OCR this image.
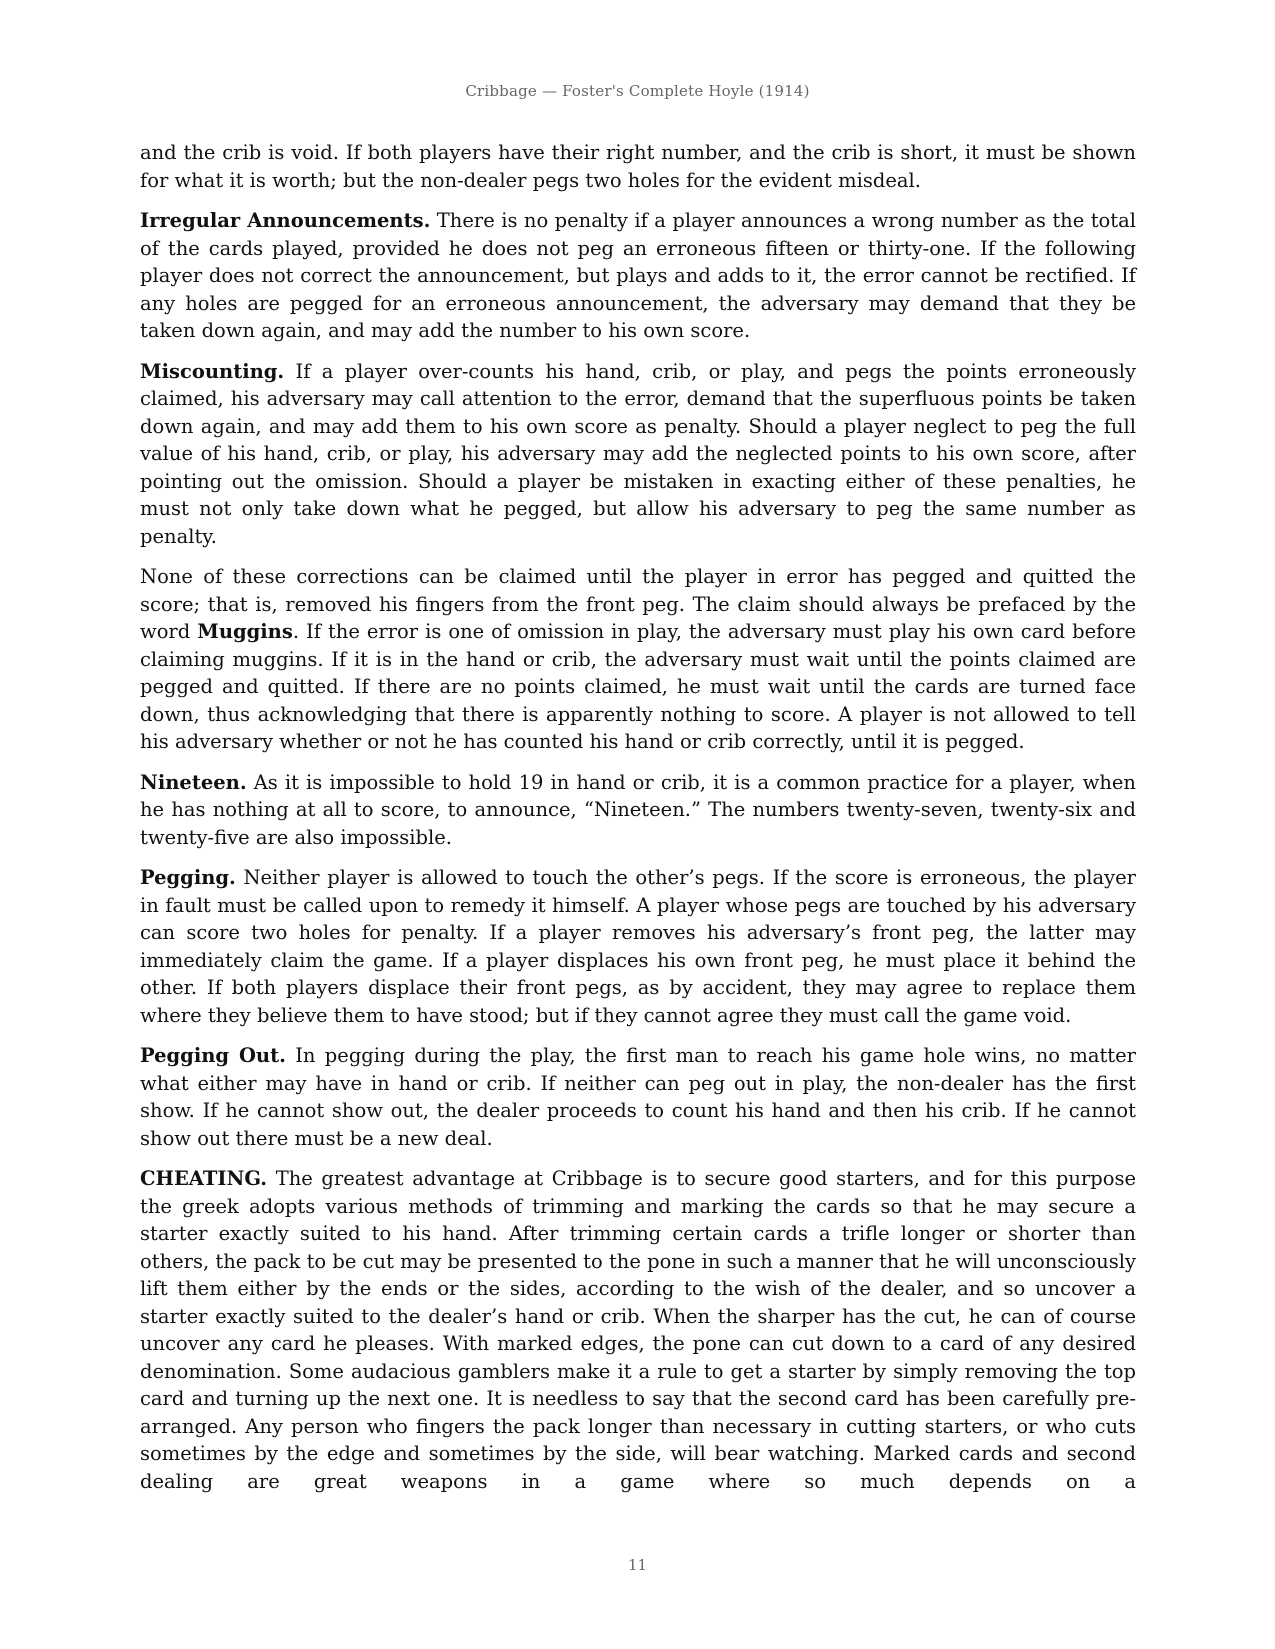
Cribbage — Foster's Complete Hoyle (1914)

and the crib is void. If both players have their right number, and the crib is short, it must be shown for what it is worth; but the non-dealer pegs two holes for the evident misdeal.

Irregular Announcements. There is no penalty if a player announces a wrong number as the total of the cards played, provided he does not peg an erroneous fifteen or thirty-one. If the following player does not correct the announcement, but plays and adds to it, the error cannot be rectified. If any holes are pegged for an erroneous announcement, the adversary may demand that they be taken down again, and may add the number to his own score.

Miscounting. If a player over-counts his hand, crib, or play, and pegs the points erroneously claimed, his adversary may call attention to the error, demand that the superfluous points be taken down again, and may add them to his own score as penalty. Should a player neglect to peg the full value of his hand, crib, or play, his adversary may add the neglected points to his own score, after pointing out the omission. Should a player be mistaken in exacting either of these penalties, he must not only take down what he pegged, but allow his adversary to peg the same number as penalty.

None of these corrections can be claimed until the player in error has pegged and quitted the score; that is, removed his fingers from the front peg. The claim should always be prefaced by the word Muggins. If the error is one of omission in play, the adversary must play his own card before claiming muggins. If it is in the hand or crib, the adversary must wait until the points claimed are pegged and quitted. If there are no points claimed, he must wait until the cards are turned face down, thus acknowledging that there is apparently nothing to score. A player is not allowed to tell his adversary whether or not he has counted his hand or crib correctly, until it is pegged.

Nineteen. As it is impossible to hold 19 in hand or crib, it is a common practice for a player, when he has nothing at all to score, to announce, “Nineteen.” The numbers twenty-seven, twenty-six and twenty-five are also impossible.

Pegging. Neither player is allowed to touch the other’s pegs. If the score is erroneous, the player in fault must be called upon to remedy it himself. A player whose pegs are touched by his adversary can score two holes for penalty. If a player removes his adversary’s front peg, the latter may immediately claim the game. If a player displaces his own front peg, he must place it behind the other. If both players displace their front pegs, as by accident, they may agree to replace them where they believe them to have stood; but if they cannot agree they must call the game void.

Pegging Out. In pegging during the play, the first man to reach his game hole wins, no matter what either may have in hand or crib. If neither can peg out in play, the non-dealer has the first show. If he cannot show out, the dealer proceeds to count his hand and then his crib. If he cannot show out there must be a new deal.

CHEATING. The greatest advantage at Cribbage is to secure good starters, and for this purpose the greek adopts various methods of trimming and marking the cards so that he may secure a starter exactly suited to his hand. After trimming certain cards a trifle longer or shorter than others, the pack to be cut may be presented to the pone in such a manner that he will unconsciously lift them either by the ends or the sides, according to the wish of the dealer, and so uncover a starter exactly suited to the dealer’s hand or crib. When the sharper has the cut, he can of course uncover any card he pleases. With marked edges, the pone can cut down to a card of any desired denomination. Some audacious gamblers make it a rule to get a starter by simply removing the top card and turning up the next one. It is needless to say that the second card has been carefully pre-arranged. Any person who fingers the pack longer than necessary in cutting starters, or who cuts sometimes by the edge and sometimes by the side, will bear watching. Marked cards and second dealing are great weapons in a game where so much depends on a

11
